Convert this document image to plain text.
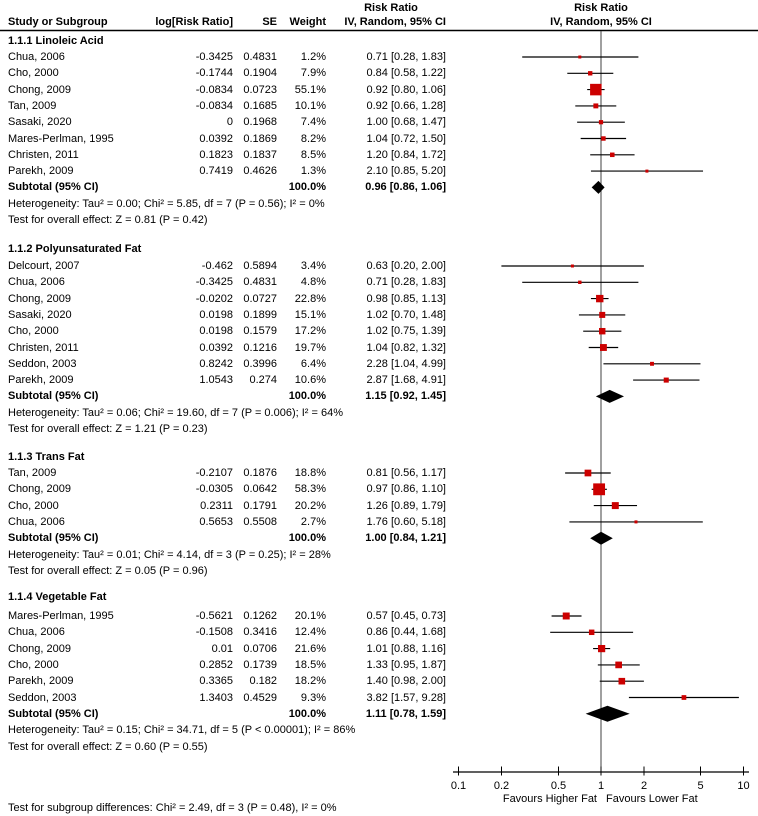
Risk Ratio	Risk Ratio
Study or Subgroup	log[Risk Ratio]	SE	Weight	IV, Random, 95% CI	IV, Random, 95% CI
1.1.1 Linoleic Acid
Chua, 2006	-0.3425 0.4831	1.2%	0.71 [0.28, 1.83]
Cho, 2000	-0.1744 0.1904	7.9%	0.84 [0.58, 1.22]
Chong, 2009	-0.0834 0.0723	55.1%	0.92 [0.80, 1.06]
Tan, 2009	-0.0834 0.1685	10.1%	0.92 [0.66, 1.28]
Sasaki, 2020	0 0.1968	7.4%	1.00 [0.68, 1.47]
Mares-Perlman, 1995	0.0392 0.1869	8.2%	1.04 [0.72, 1.50]
Christen, 2011	0.1823 0.1837	8.5%	1.20 [0.84, 1.72]
Parekh, 2009	0.7419 0.4626	1.3%	2.10 [0.85, 5.20]
Subtotal (95% CI)	100.0%	0.96 [0.86, 1.06]
Heterogeneity: Tau² = 0.00; Chi² = 5.85, df = 7 (P = 0.56); I² = 0%
Test for overall effect: Z = 0.81 (P = 0.42)
1.1.2 Polyunsaturated Fat
Delcourt, 2007	-0.462 0.5894	3.4%	0.63 [0.20, 2.00]
Chua, 2006	-0.3425 0.4831	4.8%	0.71 [0.28, 1.83]
Chong, 2009	-0.0202 0.0727	22.8%	0.98 [0.85, 1.13]
Sasaki, 2020	0.0198 0.1899	15.1%	1.02 [0.70, 1.48]
Cho, 2000	0.0198 0.1579	17.2%	1.02 [0.75, 1.39]
Christen, 2011	0.0392 0.1216	19.7%	1.04 [0.82, 1.32]
Seddon, 2003	0.8242 0.3996	6.4%	2.28 [1.04, 4.99]
Parekh, 2009	1.0543	0.274	10.6%	2.87 [1.68, 4.91]
Subtotal (95% CI)	100.0%	1.15 [0.92, 1.45]
Heterogeneity: Tau² = 0.06; Chi² = 19.60, df = 7 (P = 0.006); I² = 64%
Test for overall effect: Z = 1.21 (P = 0.23)
1.1.3 Trans Fat
Tan, 2009	-0.2107 0.1876	18.8%	0.81 [0.56, 1.17]
Chong, 2009	-0.0305 0.0642	58.3%	0.97 [0.86, 1.10]
Cho, 2000	0.2311 0.1791	20.2%	1.26 [0.89, 1.79]
Chua, 2006	0.5653 0.5508	2.7%	1.76 [0.60, 5.18]
Subtotal (95% CI)	100.0%	1.00 [0.84, 1.21]
Heterogeneity: Tau² = 0.01; Chi² = 4.14, df = 3 (P = 0.25); I² = 28%
Test for overall effect: Z = 0.05 (P = 0.96)
1.1.4 Vegetable Fat
Mares-Perlman, 1995	-0.5621 0.1262	20.1%	0.57 [0.45, 0.73]
Chua, 2006	-0.1508 0.3416	12.4%	0.86 [0.44, 1.68]
Chong, 2009	0.01 0.0706	21.6%	1.01 [0.88, 1.16]
Cho, 2000	0.2852 0.1739	18.5%	1.33 [0.95, 1.87]
Parekh, 2009	0.3365	0.182	18.2%	1.40 [0.98, 2.00]
Seddon, 2003	1.3403 0.4529	9.3%	3.82 [1.57, 9.28]
Subtotal (95% CI)	100.0%	1.11 [0.78, 1.59]
Heterogeneity: Tau² = 0.15; Chi² = 34.71, df = 5 (P < 0.00001); I² = 86%
Test for overall effect: Z = 0.60 (P = 0.55)
0.1	0.2	0.5	1	2	5	10
Favours Higher Fat Favours Lower Fat
Test for subgroup differences: Chi² = 2.49, df = 3 (P = 0.48), I² = 0%
